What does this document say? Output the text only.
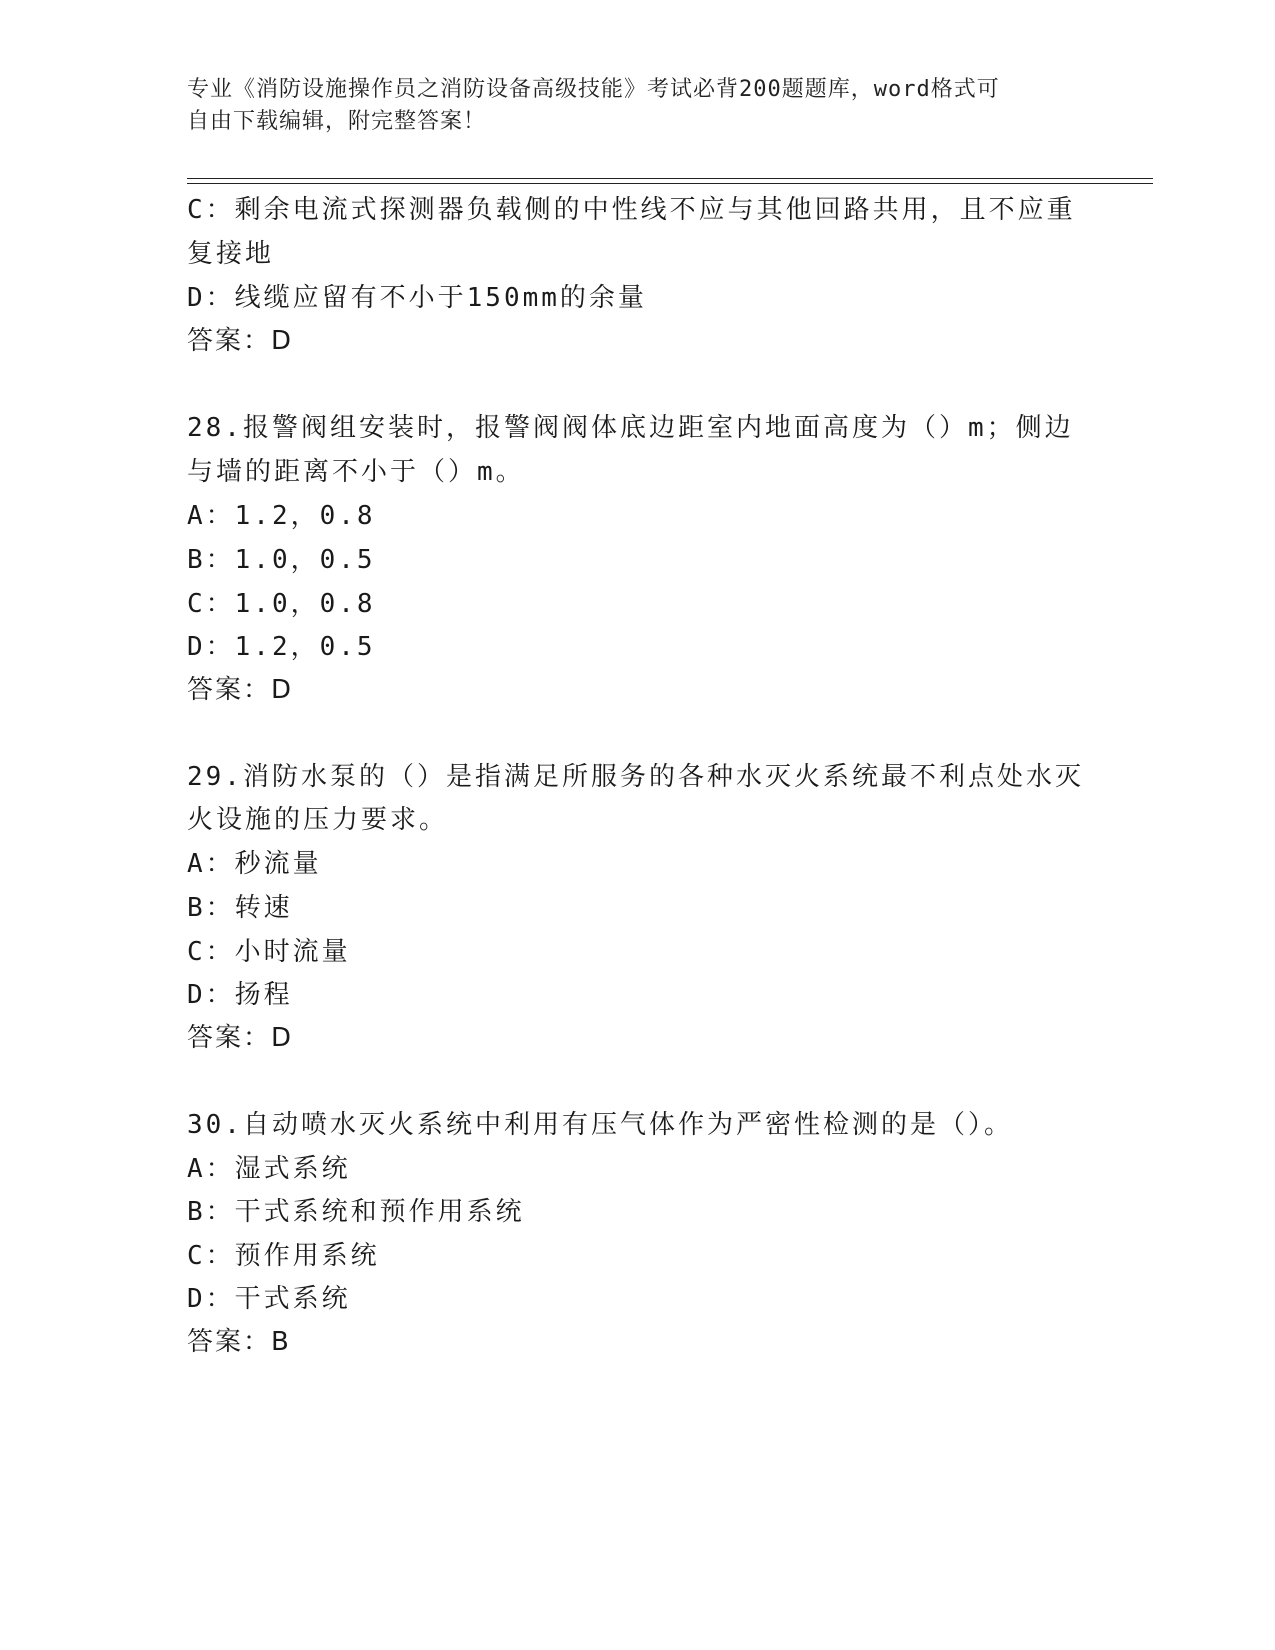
专业《消防设施操作员之消防设备高级技能》考试必背200题题库，word格式可
自由下载编辑，附完整答案！
C：剩余电流式探测器负载侧的中性线不应与其他回路共用，且不应重
复接地
D：线缆应留有不小于150mm的余量
答案：D
28.报警阀组安装时，报警阀阀体底边距室内地面高度为（）m；侧边
与墙的距离不小于（）m。
A：1.2，0.8
B：1.0，0.5
C：1.0，0.8
D：1.2，0.5
答案：D
29.消防水泵的（）是指满足所服务的各种水灭火系统最不利点处水灭
火设施的压力要求。
A：秒流量
B：转速
C：小时流量
D：扬程
答案：D
30.自动喷水灭火系统中利用有压气体作为严密性检测的是（）。
A：湿式系统
B：干式系统和预作用系统
C：预作用系统
D：干式系统
答案：B
